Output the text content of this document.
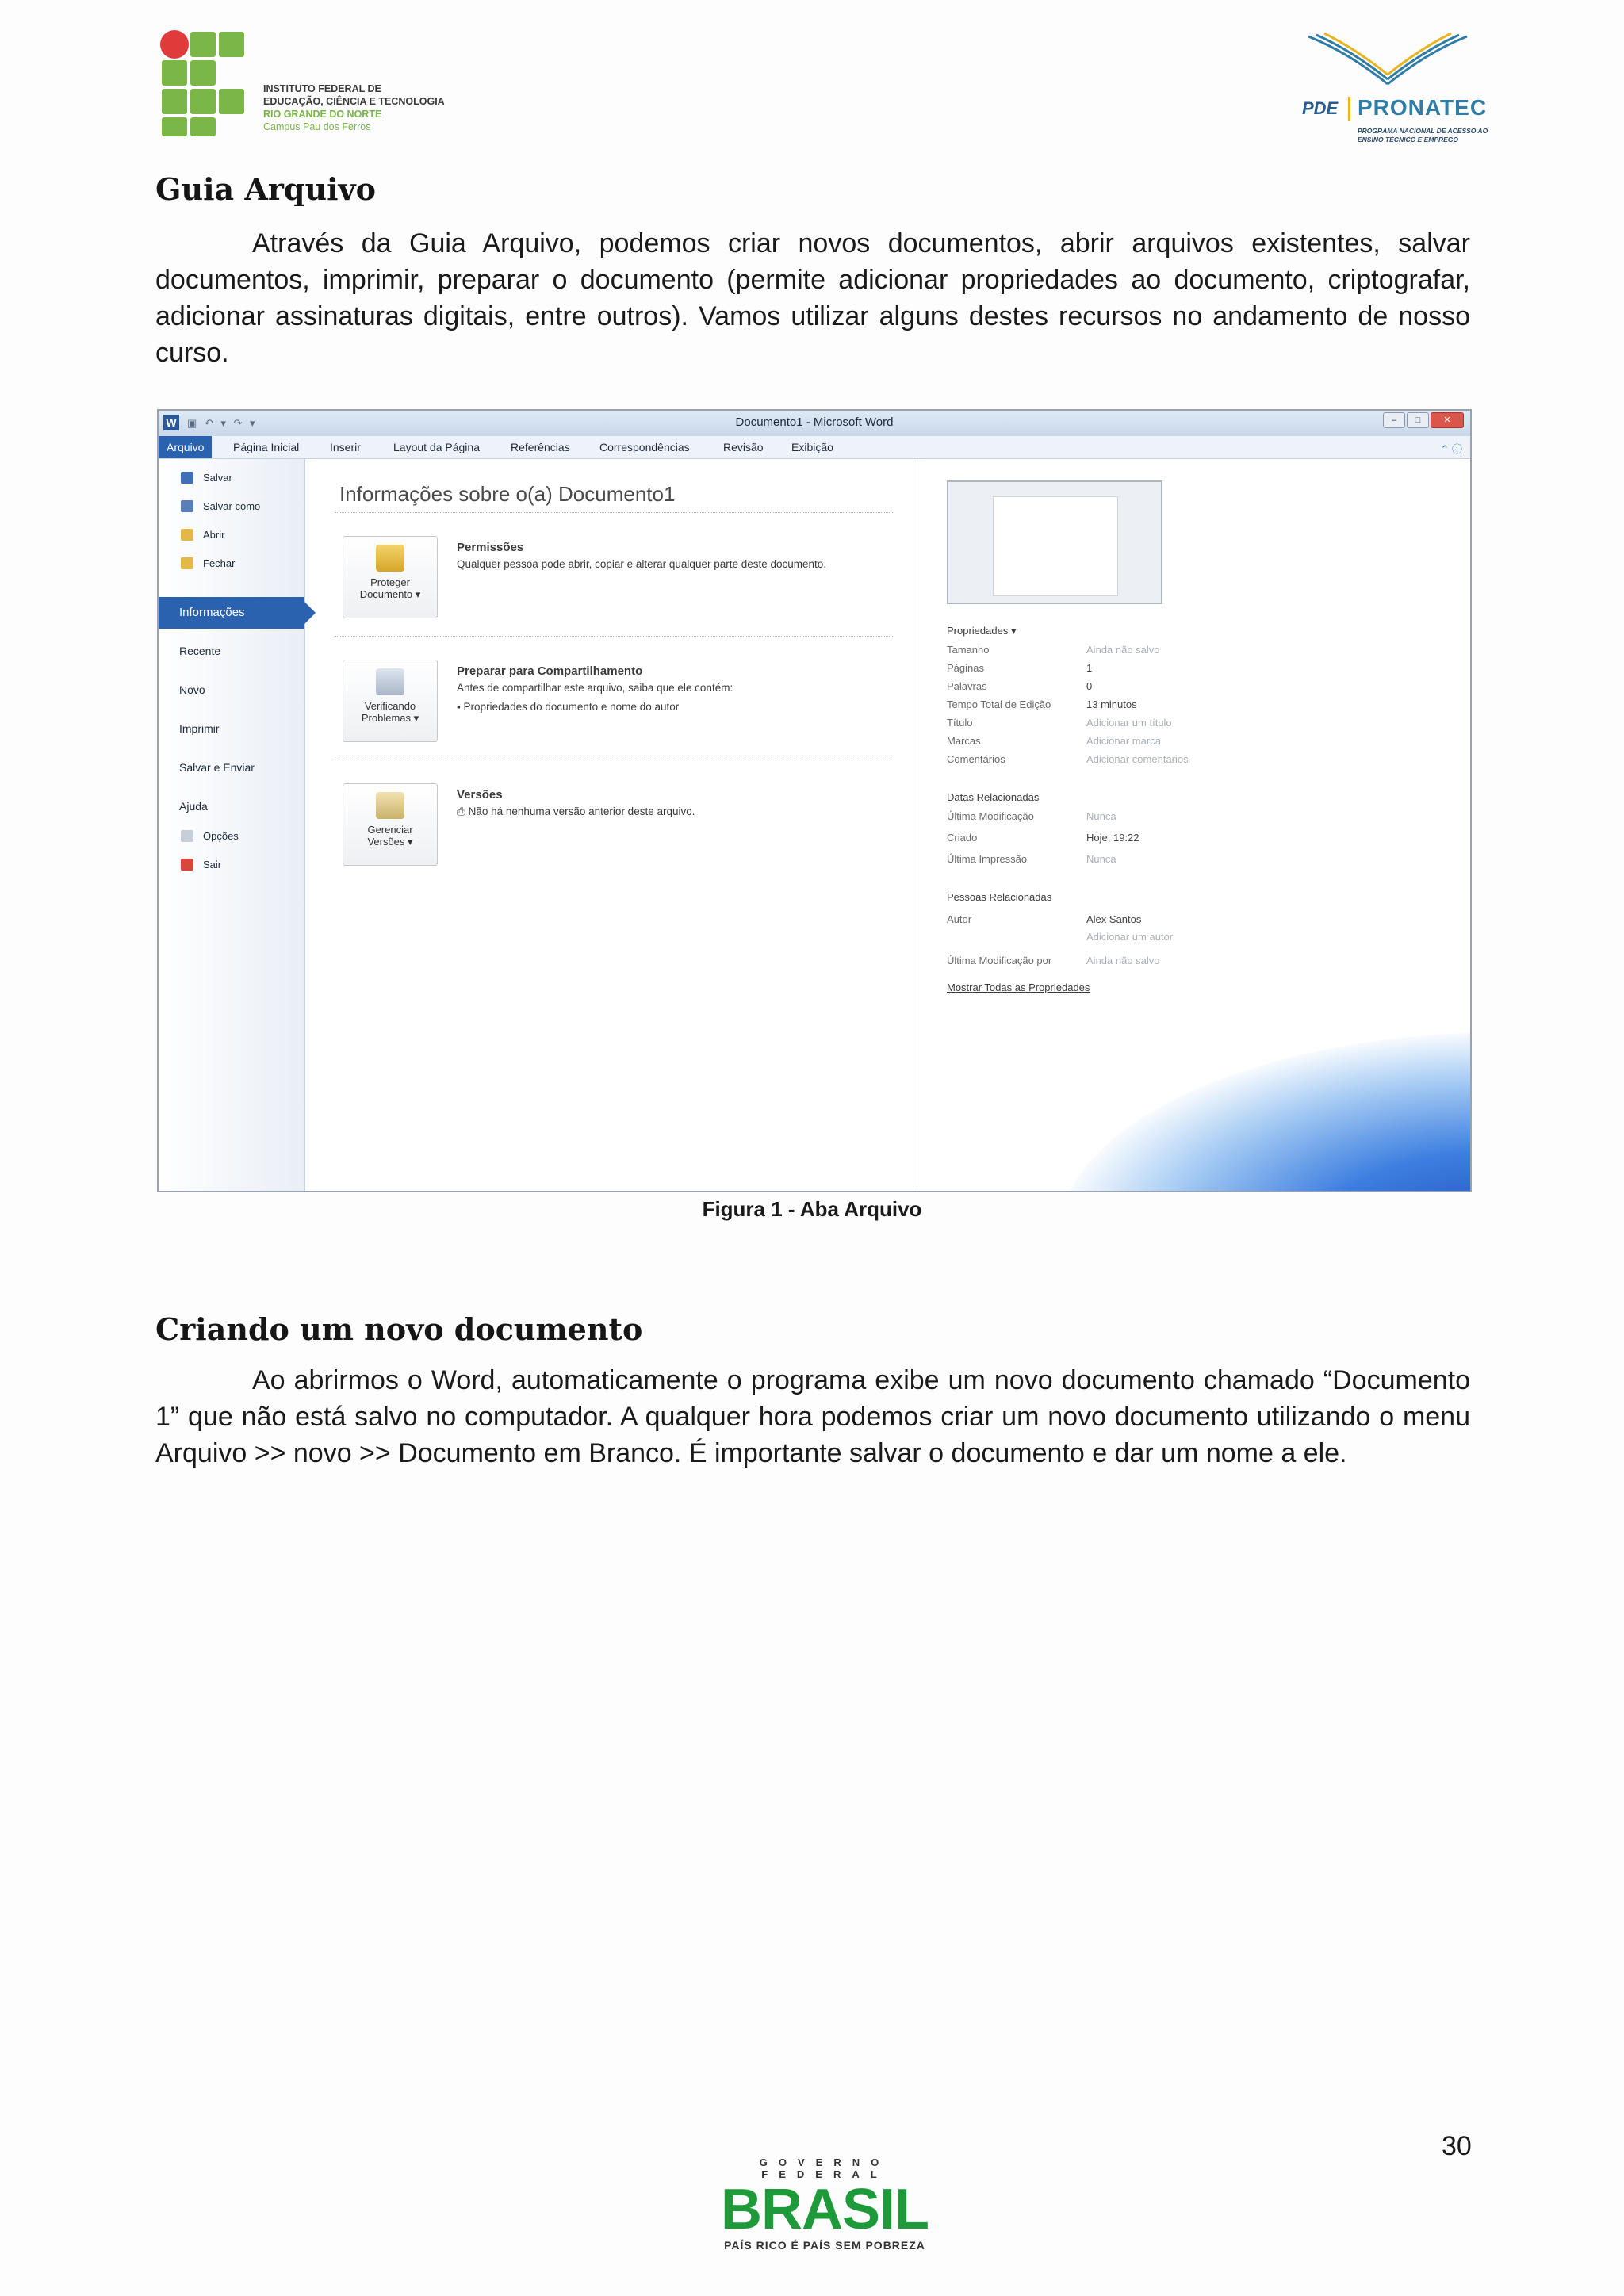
INSTITUTO FEDERAL DE
EDUCAÇÃO, CIÊNCIA E TECNOLOGIA
RIO GRANDE DO NORTE
Campus Pau dos Ferros
PDE PRONATEC
PROGRAMA NACIONAL DE ACESSO AO ENSINO TÉCNICO E EMPREGO
Guia Arquivo

Através da Guia Arquivo, podemos criar novos documentos, abrir arquivos existentes, salvar documentos, imprimir, preparar o documento (permite adicionar propriedades ao documento, criptografar, adicionar assinaturas digitais, entre outros). Vamos utilizar alguns destes recursos no andamento de nosso curso.

W ▣ ↶ ▾ ↷ ▾	Documento1 - Microsoft Word	–	□	✕
Arquivo	Página Inicial	Inserir	Layout da Página	Referências	Correspondências	Revisão	Exibição	⌃ ⓘ
Salvar
Salvar como
Abrir
Fechar
Informações
Recente
Novo
Imprimir
Salvar e Enviar
Ajuda
Opções
Sair
Informações sobre o(a) Documento1
Proteger
Documento ▾
Permissões
Qualquer pessoa pode abrir, copiar e alterar qualquer parte deste documento.
Verificando
Problemas ▾
Preparar para Compartilhamento
Antes de compartilhar este arquivo, saiba que ele contém:
▪ Propriedades do documento e nome do autor
Gerenciar
Versões ▾
Versões
⎙ Não há nenhuma versão anterior deste arquivo.
Propriedades ▾
Tamanho	Ainda não salvo
Páginas	1
Palavras	0
Tempo Total de Edição	13 minutos
Título	Adicionar um título
Marcas	Adicionar marca
Comentários	Adicionar comentários
Datas Relacionadas
Última Modificação	Nunca
Criado	Hoje, 19:22
Última Impressão	Nunca
Pessoas Relacionadas
Autor	Alex Santos
Adicionar um autor
Última Modificação por	Ainda não salvo
Mostrar Todas as Propriedades
Figura 1 - Aba Arquivo
Criando um novo documento

Ao abrirmos o Word, automaticamente o programa exibe um novo documento chamado “Documento 1” que não está salvo no computador. A qualquer hora podemos criar um novo documento utilizando o menu Arquivo >> novo >> Documento em Branco. É importante salvar o documento e dar um nome a ele.

30
GOVERNO FEDERAL
BRASIL
PAÍS RICO É PAÍS SEM POBREZA
